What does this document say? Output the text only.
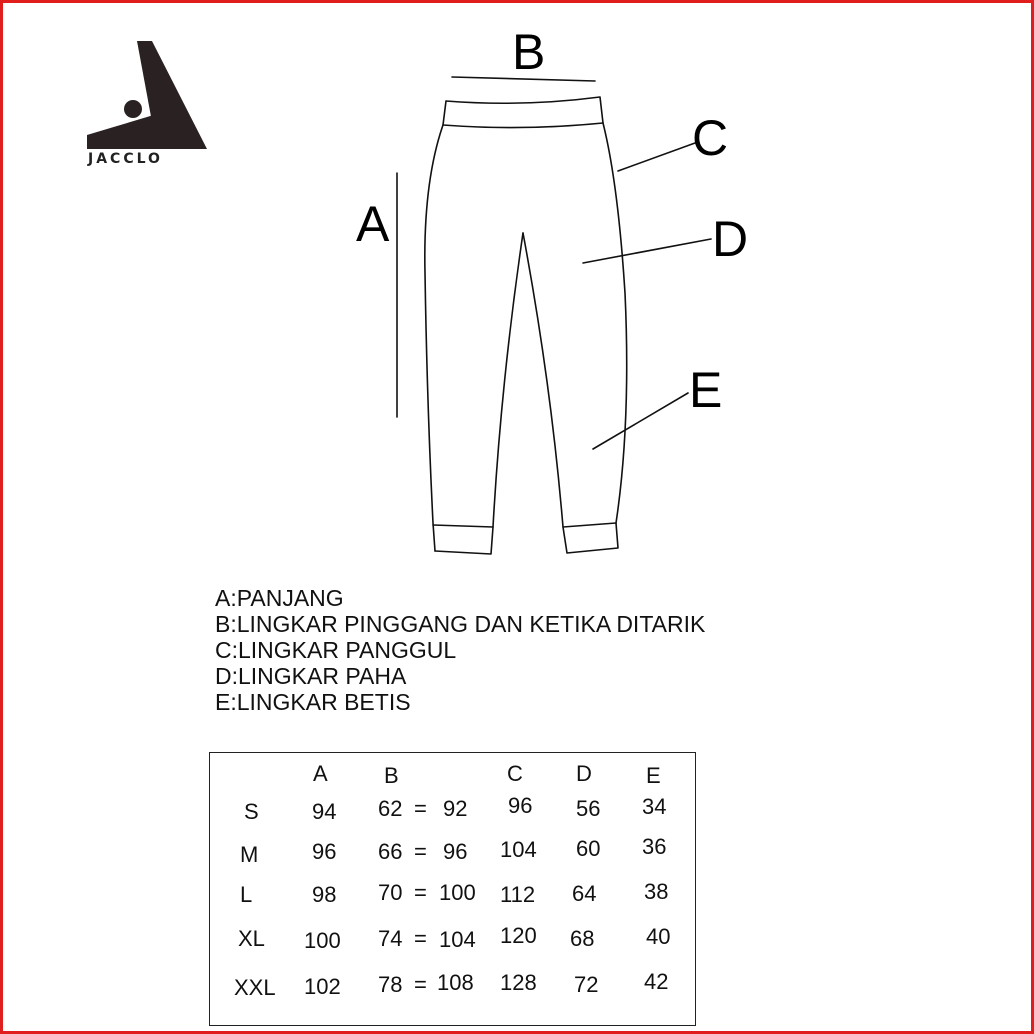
JACCLO
A
B
C
D
E
A:PANJANG
B:LINGKAR PINGGANG DAN KETIKA DITARIK
C:LINGKAR PANGGUL
D:LINGKAR PAHA
E:LINGKAR BETIS
A	B	C D E
S 94 62 = 92 96 56 34
M 96 66 = 96 104 60 36
L	98 70 = 100 112 64 38
XL 100 74 = 104 120 68 40
XXL 102 78 = 108 128 72 42
